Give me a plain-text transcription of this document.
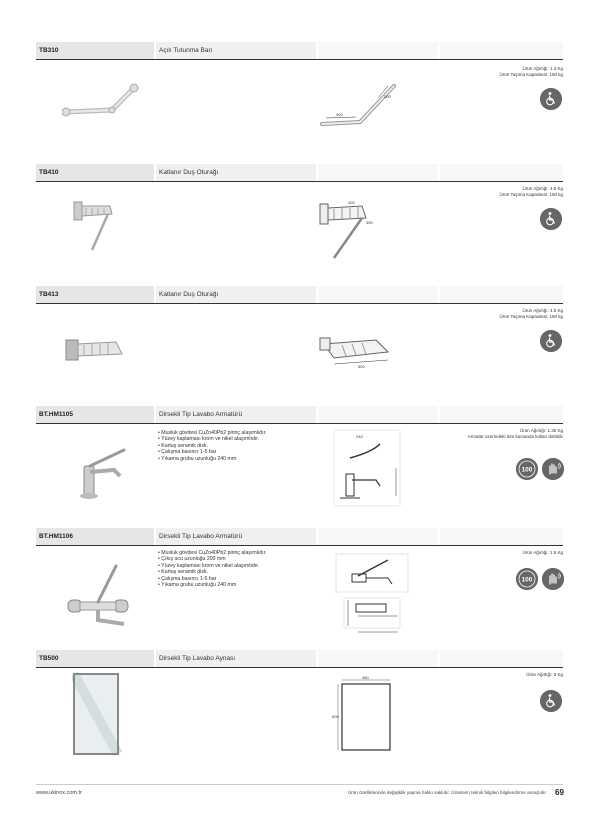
TB310	Açılı Tutunma Barı
Ürün Ağırlığı: 1.4 Kg
Ürün Taşıma Kapasitesi: 150 kg
300
300
TB410	Katlanır Duş Oturağı
Ürün Ağırlığı: 4.5 Kg
Ürün Taşıma Kapasitesi: 150 kg
400
350
TB413	Katlanır Duş Oturağı
Ürün Ağırlığı: 4.5 Kg
Ürün Taşıma Kapasitesi: 150 kg
500
BT.HM1105	Dirsekli Tip Lavabo Armatürü
• Musluk gövdesi CuZn40Pb2 pirinç alaşımlıdır.
• Yüzey kaplaması krom ve nikel alaşımlıdır.
• Kartuş seramik disk.
• Çalışma basıncı 1-5 bar
• Yıkama grubu uzunluğu 240 mm
Ürün Ağırlığı: 1.35 Kg
Armatür üzerindeki tüm kumanda kolları dahildir
100
240
BT.HM1106	Dirsekli Tip Lavabo Armatürü
• Musluk gövdesi CuZn40Pb2 pirinç alaşımlıdır.
• Çıkış ucu uzunluğu 200 mm
• Yüzey kaplaması krom ve nikel alaşımlıdır.
• Kartuş seramik disk.
• Çalışma basıncı 1-5 bar
• Yıkama grubu uzunluğu 240 mm
Ürün Ağırlığı: 1.5 Kg
100
TB500	Dirsekli Tip Lavabo Aynası
Ürün Ağırlığı: 3 Kg
450
600
www.ukinox.com.tr	Ürün özelliklerinde değişiklik yapma hakkı saklıdır. Ürünlerin teknik bilgileri bilgilendirme amaçlıdır. 69
